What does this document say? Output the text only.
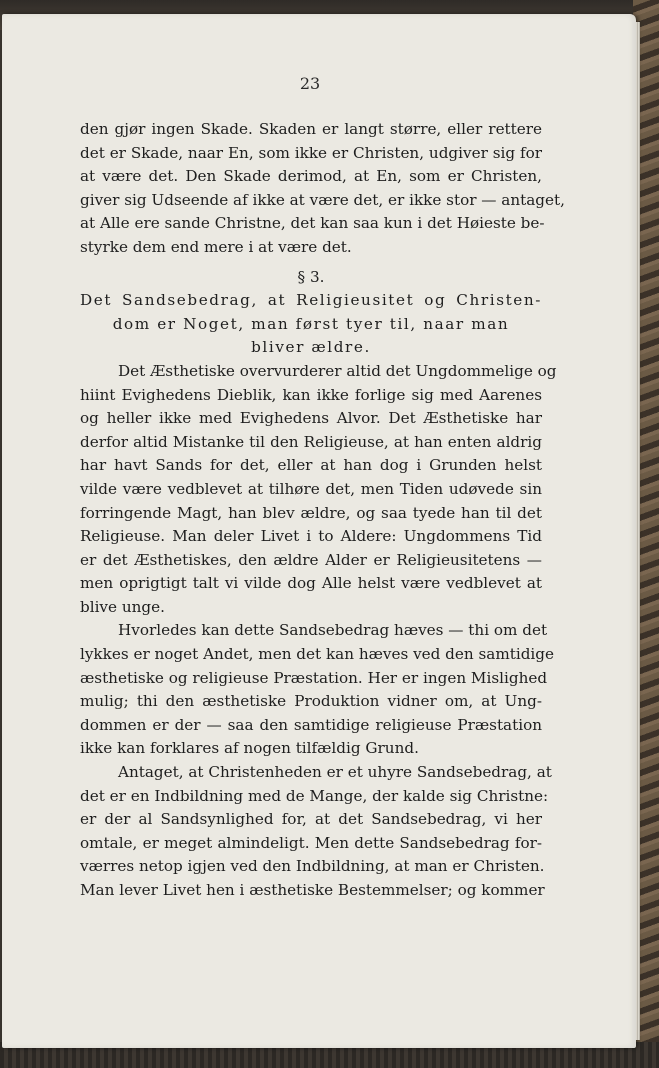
23
den gjør ingen Skade. Skaden er langt større, eller rettere
det er Skade, naar En, som ikke er Christen, udgiver sig for
at være det. Den Skade derimod, at En, som er Christen,
giver sig Udseende af ikke at være det, er ikke stor — antaget,
at Alle ere sande Christne, det kan saa kun i det Høieste be-
styrke dem end mere i at være det.
§ 3.
Det Sandsebedrag, at Religieusitet og Christen-
dom er Noget, man først tyer til, naar man
bliver ældre.
Det Æsthetiske overvurderer altid det Ungdommelige og
hiint Evighedens Dieblik, kan ikke forlige sig med Aarenes
og heller ikke med Evighedens Alvor. Det Æsthetiske har
derfor altid Mistanke til den Religieuse, at han enten aldrig
har havt Sands for det, eller at han dog i Grunden helst
vilde være vedblevet at tilhøre det, men Tiden udøvede sin
forringende Magt, han blev ældre, og saa tyede han til det
Religieuse. Man deler Livet i to Aldere: Ungdommens Tid
er det Æsthetiskes, den ældre Alder er Religieusitetens —
men oprigtigt talt vi vilde dog Alle helst være vedblevet at
blive unge.
Hvorledes kan dette Sandsebedrag hæves — thi om det
lykkes er noget Andet, men det kan hæves ved den samtidige
æsthetiske og religieuse Præstation. Her er ingen Mislighed
mulig; thi den æsthetiske Produktion vidner om, at Ung-
dommen er der — saa den samtidige religieuse Præstation
ikke kan forklares af nogen tilfældig Grund.
Antaget, at Christenheden er et uhyre Sandsebedrag, at
det er en Indbildning med de Mange, der kalde sig Christne:
er der al Sandsynlighed for, at det Sandsebedrag, vi her
omtale, er meget almindeligt. Men dette Sandsebedrag for-
værres netop igjen ved den Indbildning, at man er Christen.
Man lever Livet hen i æsthetiske Bestemmelser; og kommer
